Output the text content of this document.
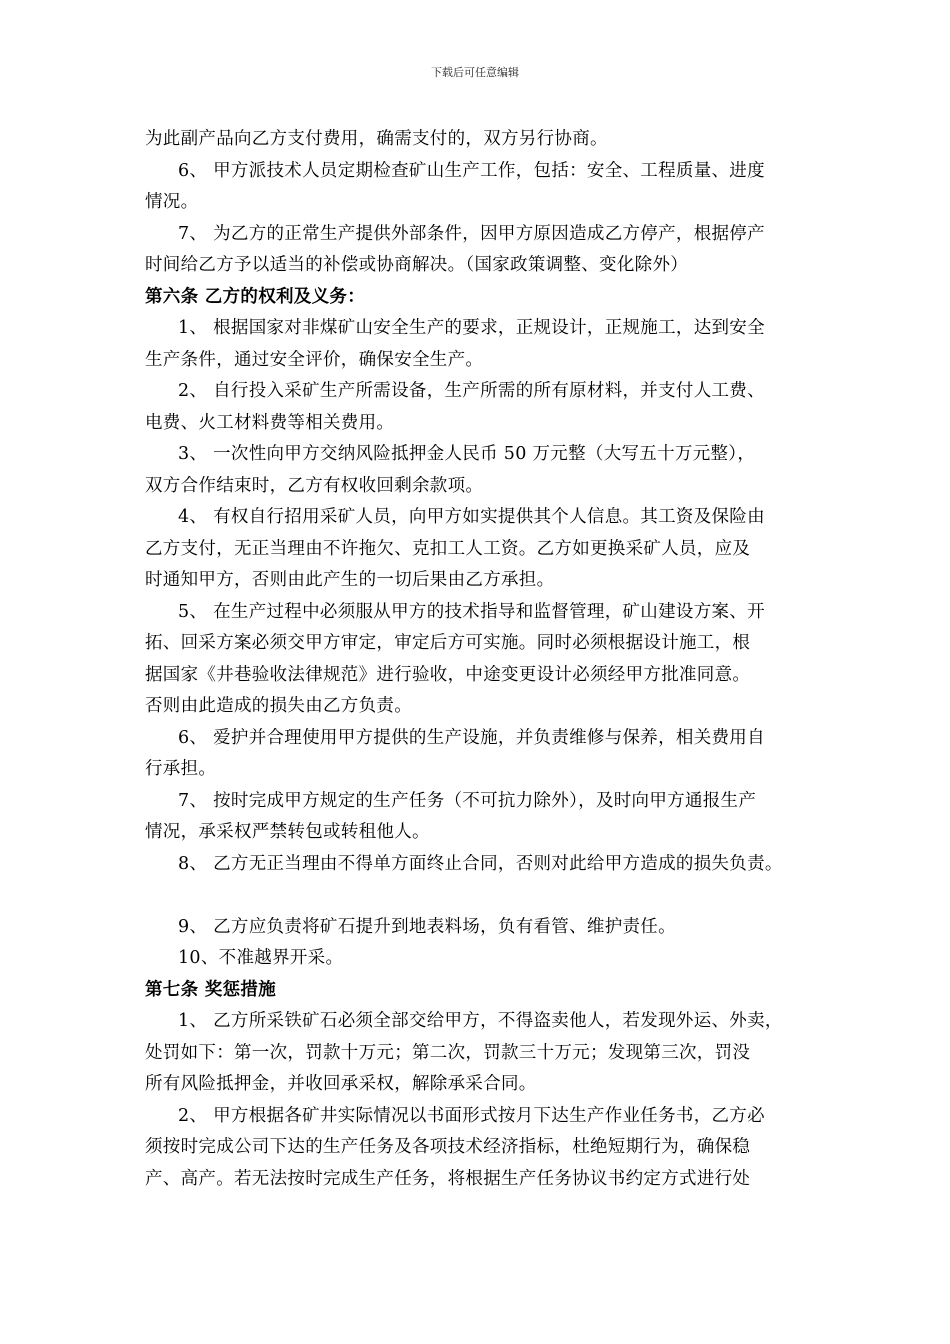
下载后可任意编辑
为此副产品向乙方支付费用，确需支付的，双方另行协商。
6、 甲方派技术人员定期检查矿山生产工作，包括：安全、工程质量、进度
情况。
7、 为乙方的正常生产提供外部条件，因甲方原因造成乙方停产，根据停产
时间给乙方予以适当的补偿或协商解决。（国家政策调整、变化除外）
第六条 乙方的权利及义务：
1、 根据国家对非煤矿山安全生产的要求，正规设计，正规施工，达到安全
生产条件，通过安全评价，确保安全生产。
2、 自行投入采矿生产所需设备，生产所需的所有原材料，并支付人工费、
电费、火工材料费等相关费用。
3、 一次性向甲方交纳风险抵押金人民币 50 万元整（大写五十万元整），
双方合作结束时，乙方有权收回剩余款项。
4、 有权自行招用采矿人员，向甲方如实提供其个人信息。其工资及保险由
乙方支付，无正当理由不许拖欠、克扣工人工资。乙方如更换采矿人员，应及
时通知甲方，否则由此产生的一切后果由乙方承担。
5、 在生产过程中必须服从甲方的技术指导和监督管理，矿山建设方案、开
拓、回采方案必须交甲方审定，审定后方可实施。同时必须根据设计施工，根
据国家《井巷验收法律规范》进行验收，中途变更设计必须经甲方批准同意。
否则由此造成的损失由乙方负责。
6、 爱护并合理使用甲方提供的生产设施，并负责维修与保养，相关费用自
行承担。
7、 按时完成甲方规定的生产任务（不可抗力除外），及时向甲方通报生产
情况，承采权严禁转包或转租他人。
8、 乙方无正当理由不得单方面终止合同，否则对此给甲方造成的损失负责。
9、 乙方应负责将矿石提升到地表料场，负有看管、维护责任。
10、不准越界开采。
第七条 奖惩措施
1、 乙方所采铁矿石必须全部交给甲方，不得盗卖他人，若发现外运、外卖，
处罚如下：第一次，罚款十万元；第二次，罚款三十万元；发现第三次，罚没
所有风险抵押金，并收回承采权，解除承采合同。
2、 甲方根据各矿井实际情况以书面形式按月下达生产作业任务书，乙方必
须按时完成公司下达的生产任务及各项技术经济指标，杜绝短期行为，确保稳
产、高产。若无法按时完成生产任务，将根据生产任务协议书约定方式进行处
